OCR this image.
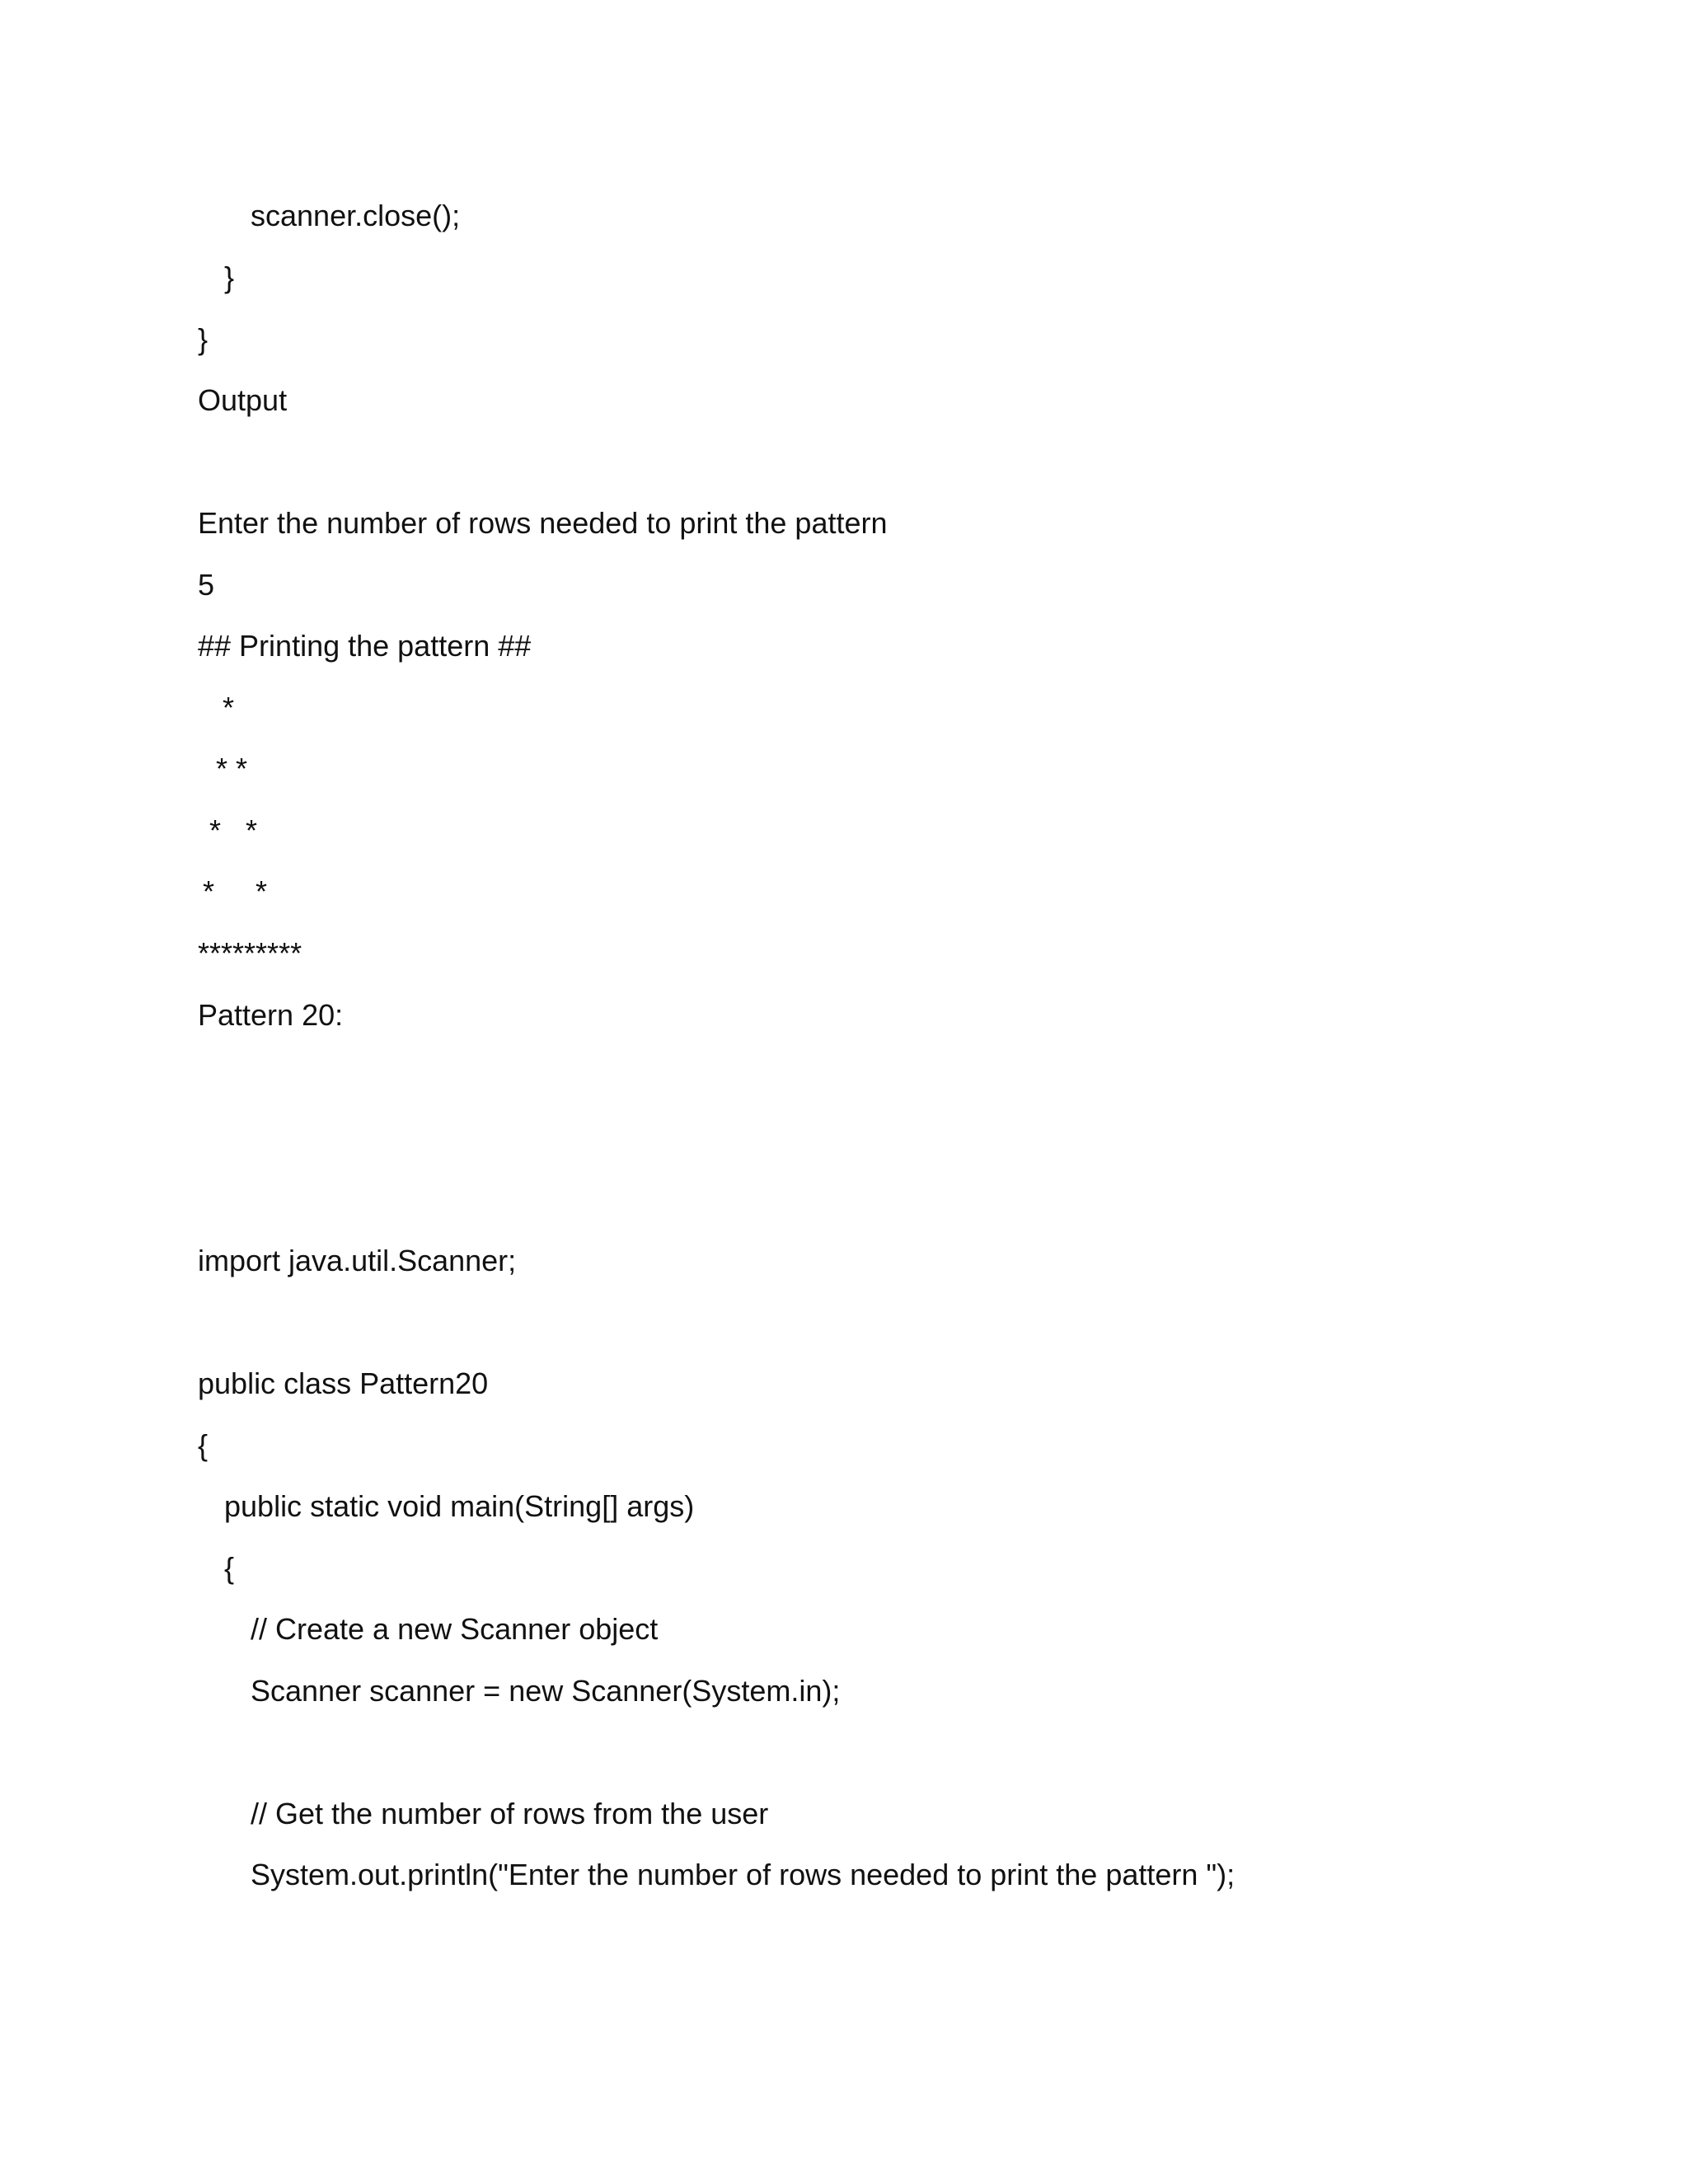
scanner.close();

}

}

Output

Enter the number of rows needed to print the pattern

5

## Printing the pattern ##

*

* *

*   *

*     *

*********

Pattern 20:

import java.util.Scanner;

public class Pattern20

{

public static void main(String[] args)

{

// Create a new Scanner object

Scanner scanner = new Scanner(System.in);

// Get the number of rows from the user

System.out.println("Enter the number of rows needed to print the pattern ");
